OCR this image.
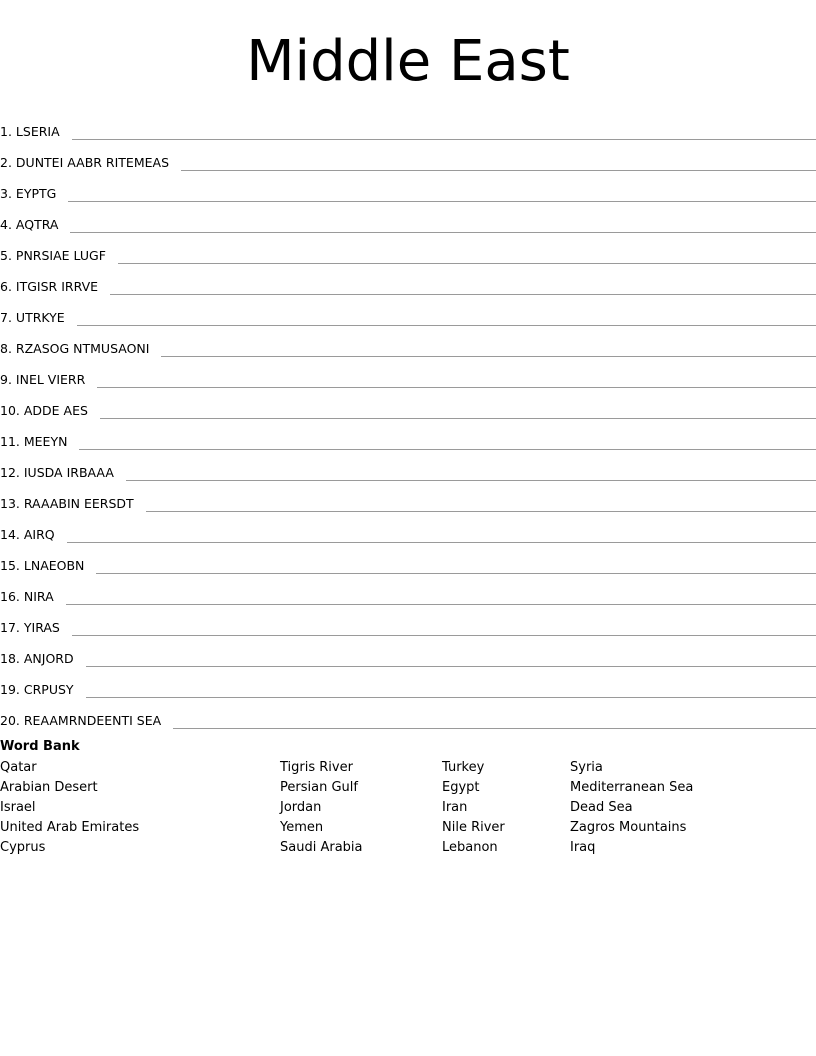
Middle East
1. LSERIA
2. DUNTEI AABR RITEMEAS
3. EYPTG
4. AQTRA
5. PNRSIAE LUGF
6. ITGISR IRRVE
7. UTRKYE
8. RZASOG NTMUSAONI
9. INEL VIERR
10. ADDE AES
11. MEEYN
12. IUSDA IRBAAA
13. RAAABIN EERSDT
14. AIRQ
15. LNAEOBN
16. NIRA
17. YIRAS
18. ANJORD
19. CRPUSY
20. REAAMRNDEENTI SEA
Word Bank
Qatar
Arabian Desert
Israel
United Arab Emirates
Cyprus
Tigris River
Persian Gulf
Jordan
Yemen
Saudi Arabia
Turkey
Egypt
Iran
Nile River
Lebanon
Syria
Mediterranean Sea
Dead Sea
Zagros Mountains
Iraq
